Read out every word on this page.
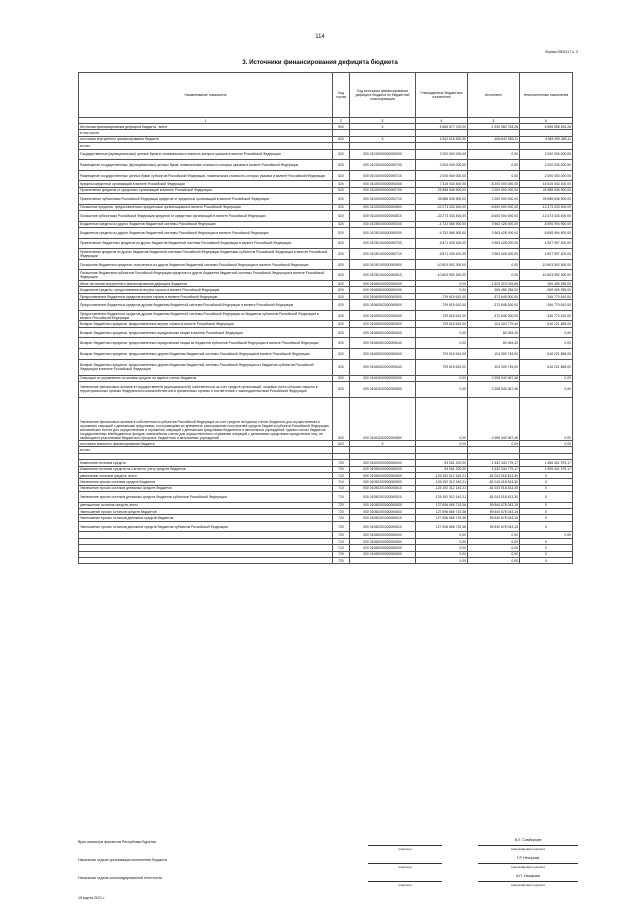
114
Форма 0503117 с. 3
3. Источники финансирования дефицита бюджета
Наименование показателя	Код строки	Код источника финансирования дефицита бюджета по бюджетной классификации	Утвержденные бюджетные назначения	Исполнено	Неисполненные назначения
1	2	3	4	5	6
Источники финансирования дефицита бюджета - всего	500	X	4 665 577 700,00	-1 930 980 753,28	6 596 558 453,28
в том числе:					
источники внутреннего финансирования бюджета	520	X	4 542 016 500,00	-406 642 983,11	4 948 459 483,11
из них:					
Государственные (муниципальные) ценные бумаги, номинальная стоимость которых указана в валюте Российской Федерации	520	000 01010000000000000	2 000 000 000,00	0,00	2 000 000 000,00
Размещение государственных (муниципальных) ценных бумаг, номинальная стоимость которых указана в валюте Российской Федерации	520	000 01010000000000700	2 000 000 000,00	0,00	2 000 000 000,00
Размещение государственных ценных бумаг субъектов Российской Федерации, номинальная стоимость которых указана в валюте Российской Федерации	520	000 01010000020000710	2 000 000 000,00	0,00	2 000 000 000,00
Кредиты кредитных организаций в валюте Российской Федерации	520	000 01020000000000000	7 315 033 400,00	-8 200 000 000,00	15 515 033 400,00
Привлечение кредитов от кредитных организаций в валюте Российской Федерации	520	000 01020000000000700	29 588 536 900,00	2 000 000 000,00	26 988 536 900,00
Привлечение субъектами Российской Федерации кредитов от кредитных организаций в валюте Российской Федерации	520	000 01020000020000710	28 588 536 900,00	2 000 000 000,00	26 988 536 900,00
Погашение кредитов, предоставленных кредитными организациями в валюте Российской Федерации	520	000 01020000000000800	-22 273 433 400,00	-8 600 000 000,00	-13 473 433 400,00
Погашение субъектами Российской Федерации кредитов от кредитных организаций в валюте Российской Федерации	520	000 01020000020000810	-22 273 433 400,00	-8 600 000 000,00	-13 473 433 400,00
Бюджетные кредиты из других бюджетов бюджетной системы Российской Федерации	520	000 01030000000000000	-4 732 566 900,00	3 963 428 000,00	-8 695 994 900,00
Бюджетные кредиты из других бюджетов бюджетной системы Российской Федерации в валюте Российской Федерации	520	000 01030100000000000	-4 732 566 900,00	3 963 428 000,00	-8 695 994 900,00
Привлечение бюджетных кредитов из других бюджетов бюджетной системы Российской Федерации в валюте Российской Федерации	520	000 01030100000000700	6 871 425 400,00	3 963 428 000,00	4 907 997 400,00
Привлечение кредитов из других бюджетов бюджетной системы Российской Федерации бюджетами субъектов Российской Федерации в валюте Российской Федерации	520	000 01030100020000710	6 871 425 400,00	3 963 428 000,00	4 907 997 400,00
Погашение бюджетных кредитов, полученных из других бюджетов бюджетной системы Российской Федерации в валюте Российской Федерации	520	000 01030100000000800	-10 603 992 300,00	0,00	-10 603 992 300,00
Погашение бюджетами субъектов Российской Федерации кредитов из других бюджетов бюджетной системы Российской Федерации в валюте Российской Федерации	520	000 01030100020000810	-10 603 992 300,00	0,00	-10 603 992 300,00
Иные источники внутреннего финансирования дефицита бюджетов	520	000 01060000000000000	0,00	-1 629 323 015,66	269 455 255,00
Бюджетные кредиты, предоставленные внутри страны в валюте Российской Федерации	520	000 01060500000000000	0,00	269 455 255,00	-269 455 255,00
Предоставление бюджетных кредитов внутри страны в валюте Российской Федерации	520	000 01060500000000500	-729 615 610,00	-372 645 000,00	-346 770 610,00
Предоставление бюджетных кредитов другим бюджетам бюджетной системы Российской Федерации в валюте Российской Федерации	520	000 01060502000000500	-729 615 610,00	-372 845 000,00	-346 770 610,00
Предоставление бюджетных кредитов другим бюджетам бюджетной системы Российской Федерации из бюджетов субъектов Российской Федерации в валюте Российской Федерации	520	000 01060502020000540	-729 615 610,00	-372 845 000,00	-346 770 610,00
Возврат бюджетных кредитов, предоставленных внутри страны в валюте Российской Федерации	520	000 01060500000000600	729 615 610,00	104 424 779,40	616 221 865,00
Возврат бюджетных кредитов, предоставленных юридическим лицам в валюте Российской Федерации	520	000 01060501000000600	0,00	80 064,40	0,00
Возврат бюджетных кредитов, предоставленных юридическим лицам из бюджетов субъектов Российской Федерации в валюте Российской Федерации	520	000 01060501020000640	0,00	80 064,40	0,00
Возврат бюджетных кредитов, предоставленных другим бюджетам бюджетной системы Российской Федерации в валюте Российской Федерации	520	000 01060502000000600	729 615 610,00	104 309 745,00	616 221 865,00
Возврат бюджетных кредитов, предоставленных другим бюджетам бюджетной системы Российской Федерации из бюджетов субъектов Российской Федерации в валюте Российской Федерации	520	000 01060502020000640	729 615 610,00	104 309 745,00	616 221 865,00
Операции по управлению остатками средств на единых счетах бюджетов	520	000 01061000000000000	0,00	2 098 349 367,46	0,00
Увеличение финансовых активов в государственной (муниципальной) собственности за счет средств организаций, лицевые счета которым открыты в территориальных органах Федерального казначейства или в финансовых органах в соответствии с законодательством Российской Федерации	520	000 01061002000000500	0,00	2 098 349 367,46	0,00
Увеличение финансовых активов в собственности субъектов Российской Федерации за счет средств на единых счетах бюджетов для осуществления и отражения операций с денежными средствами, поступающими во временное распоряжение получателей средств бюджета субъекта Российской Федерации, казначейских счетах для осуществления и отражения операций с денежными средствами бюджетных и автономных учреждений, единых счетах бюджетов государственных внебюджетных фондов, казначейских счетах для осуществления и отражения операций с денежными средствами юридических лиц, не являющихся участниками бюджетного процесса, бюджетных и автономных учреждений	520	000 01061002020000550	0,00	2 098 349 367,46	0,00
источники внешнего финансирования бюджета	620	X	0,00	0,00	0,00
из них:					

Изменение остатков средств	700	000 01000000000000000	93 061 200,00	-1 532 340 775,17	1 656 401 975,17
Изменение остатков средств на счетах по учету средств бюджетов	700	000 01050000000000000	93 061 200,00	-1 532 340 775,17	1 595 401 975,17
увеличение остатков средств, всего	710	000 01050000000000500	-125 192 312 140,21	-81 043 018 813,30	X
Увеличение прочих остатков средств бюджетов	710	000 01050200000000500	-125 192 312 140,21	-81 043 018 813,30	X
Увеличение прочих остатков денежных средств бюджетов	710	000 01050201000000510	-125 192 312 140,21	-81 043 018 813,30	X
Увеличение прочих остатков денежных средств бюджетов субъектов Российской Федерации	710	000 01050201020000510	-125 192 312 140,21	-81 043 018 813,30	X
уменьшение остатков средств, всего	720	000 01050000000000600	127 696 665 719,36	59 540 678 043,15	X
Уменьшение прочих остатков средств бюджетов	720	000 01050200000000600	127 696 665 719,36	59 540 678 043,15	X
Уменьшение прочих остатков денежных средств бюджетов	720	000 01050201000000610	127 696 665 719,36	59 540 678 043,15	X
Уменьшение прочих остатков денежных средств бюджетов субъектов Российской Федерации	720	000 01050201020000610	127 696 665 719,36	59 540 678 043,15	X
	700	000 01060000000000000	0,00	0,00	0,00
	710	000 01060000000000500	0,00	0,00	X
	710	000 01060000000000000	0,00	0,00	X
	720	000 01060000000000600	0,00	0,00	X
	720		0,00	0,00	X
Врио министра финансов Республики Бурятия
(подпись)
В.Л. Симбирцев
(расшифровка подписи)
Начальник отдела организации исполнения бюджета
(подпись)
Т.Р. Нехорова
(расшифровка подписи)
Начальник отдела консолидированной отчетности
(подпись)
А.П. Назарова
(расшифровка подписи)
15 марта 2021 г.
